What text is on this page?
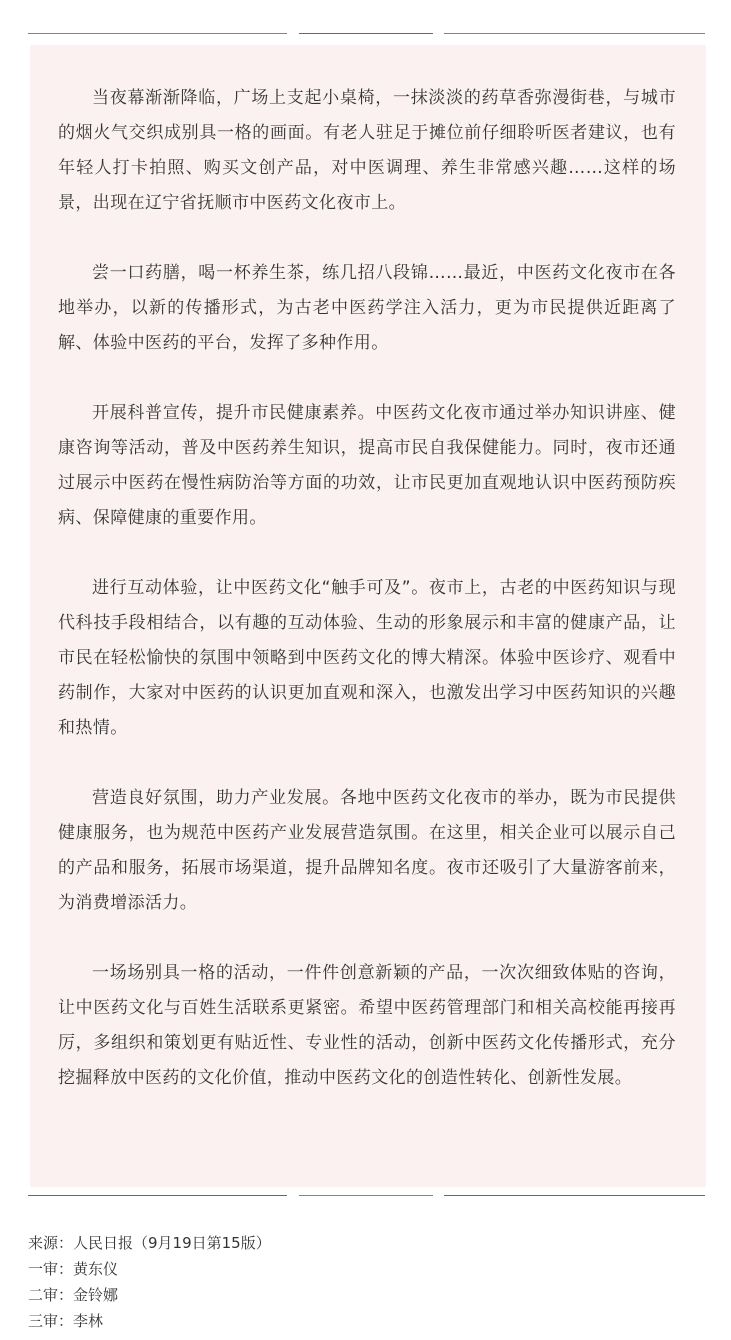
当夜幕渐渐降临，广场上支起小桌椅，一抹淡淡的药草香弥漫街巷，与城市的烟火气交织成别具一格的画面。有老人驻足于摊位前仔细聆听医者建议，也有年轻人打卡拍照、购买文创产品，对中医调理、养生非常感兴趣……这样的场景，出现在辽宁省抚顺市中医药文化夜市上。

尝一口药膳，喝一杯养生茶，练几招八段锦……最近，中医药文化夜市在各地举办，以新的传播形式，为古老中医药学注入活力，更为市民提供近距离了解、体验中医药的平台，发挥了多种作用。

开展科普宣传，提升市民健康素养。中医药文化夜市通过举办知识讲座、健康咨询等活动，普及中医药养生知识，提高市民自我保健能力。同时，夜市还通过展示中医药在慢性病防治等方面的功效，让市民更加直观地认识中医药预防疾病、保障健康的重要作用。

进行互动体验，让中医药文化“触手可及”。夜市上，古老的中医药知识与现代科技手段相结合，以有趣的互动体验、生动的形象展示和丰富的健康产品，让市民在轻松愉快的氛围中领略到中医药文化的博大精深。体验中医诊疗、观看中药制作，大家对中医药的认识更加直观和深入，也激发出学习中医药知识的兴趣和热情。

营造良好氛围，助力产业发展。各地中医药文化夜市的举办，既为市民提供健康服务，也为规范中医药产业发展营造氛围。在这里，相关企业可以展示自己的产品和服务，拓展市场渠道，提升品牌知名度。夜市还吸引了大量游客前来，为消费增添活力。

一场场别具一格的活动，一件件创意新颖的产品，一次次细致体贴的咨询，让中医药文化与百姓生活联系更紧密。希望中医药管理部门和相关高校能再接再厉，多组织和策划更有贴近性、专业性的活动，创新中医药文化传播形式，充分挖掘释放中医药的文化价值，推动中医药文化的创造性转化、创新性发展。

来源：人民日报（9月19日第15版）
一审：黄东仪
二审：金铃娜
三审：李林
